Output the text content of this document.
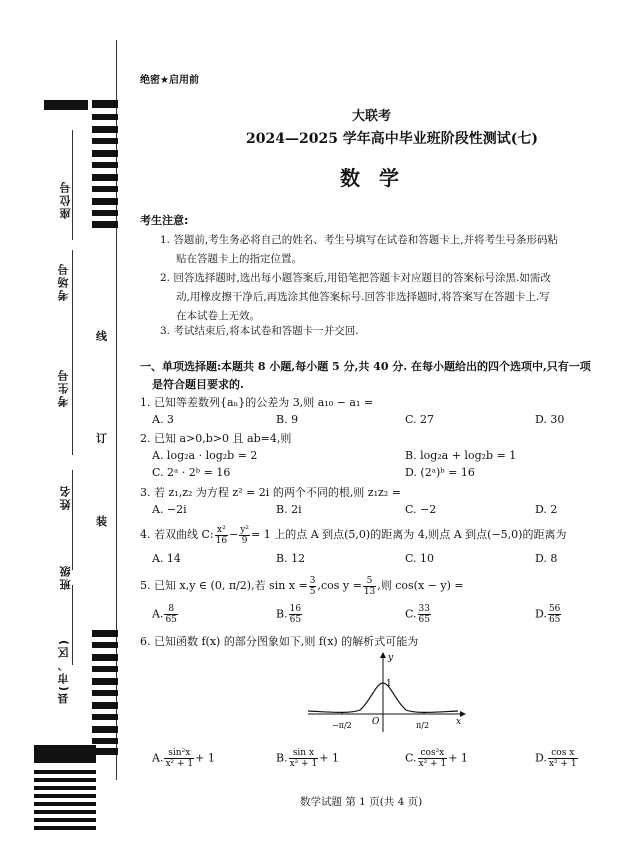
座位号
考场号
考生号
姓名
班级
县(市、区)
线
订
装
绝密★启用前
大联考
2024—2025 学年高中毕业班阶段性测试(七)
数 学
考生注意:
1. 答题前,考生务必将自己的姓名、考生号填写在试卷和答题卡上,并将考生号条形码粘
贴在答题卡上的指定位置。
2. 回答选择题时,选出每小题答案后,用铅笔把答题卡对应题目的答案标号涂黑.如需改
动,用橡皮擦干净后,再选涂其他答案标号.回答非选择题时,将答案写在答题卡上.写
在本试卷上无效。
3. 考试结束后,将本试卷和答题卡一并交回.
一、单项选择题:本题共 8 小题,每小题 5 分,共 40 分. 在每小题给出的四个选项中,只有一项
是符合题目要求的.
1. 已知等差数列{aₙ}的公差为 3,则 a₁₀ − a₁ =
A. 3	B. 9	C. 27	D. 30
2. 已知 a>0,b>0 且 ab=4,则
A. log₂a · log₂b = 2	B. log₂a + log₂b = 1
C. 2ᵃ · 2ᵇ = 16	D. (2ᵃ)ᵇ = 16
3. 若 z₁,z₂ 为方程 z² = 2i 的两个不同的根,则 z₁z₂ =
A. −2i	B. 2i	C. −2	D. 2
4. 若双曲线 C: $\frac{\text{x²}}{16} - \frac{\text{y²}}{9} = 1$ 上的点 A 到点(5,0)的距离为 4,则点 A 到点(−5,0)的距离为
A. 14	B. 12	C. 10	D. 8
5. 已知 x,y ∈ (0, π/2),若 $\sin x = \frac{3}{5} ,\cos$ $y = \frac{5}{13}$ ,则 cos(x − y) =
A. $\frac{8}{65}$	B. $\frac{16}{65}$	C. $\frac{33}{65}$	D. $\frac{56}{65}$
6. 已知函数 f(x) 的部分图象如下,则 f(x) 的解析式可能为
y
x
1
O
−π/2	π/2
A. $\frac{\text{sin²x}}{\text{x² + 1}} + 1$	B. $\frac{\text{sin x}}{\text{x² + 1}} + 1$	C. $\frac{\text{cos²x}}{\text{x² + 1}} + 1$	D. $\frac{\text{cos x}}{\text{x² + 1}}$
数学试题 第 1 页(共 4 页)
